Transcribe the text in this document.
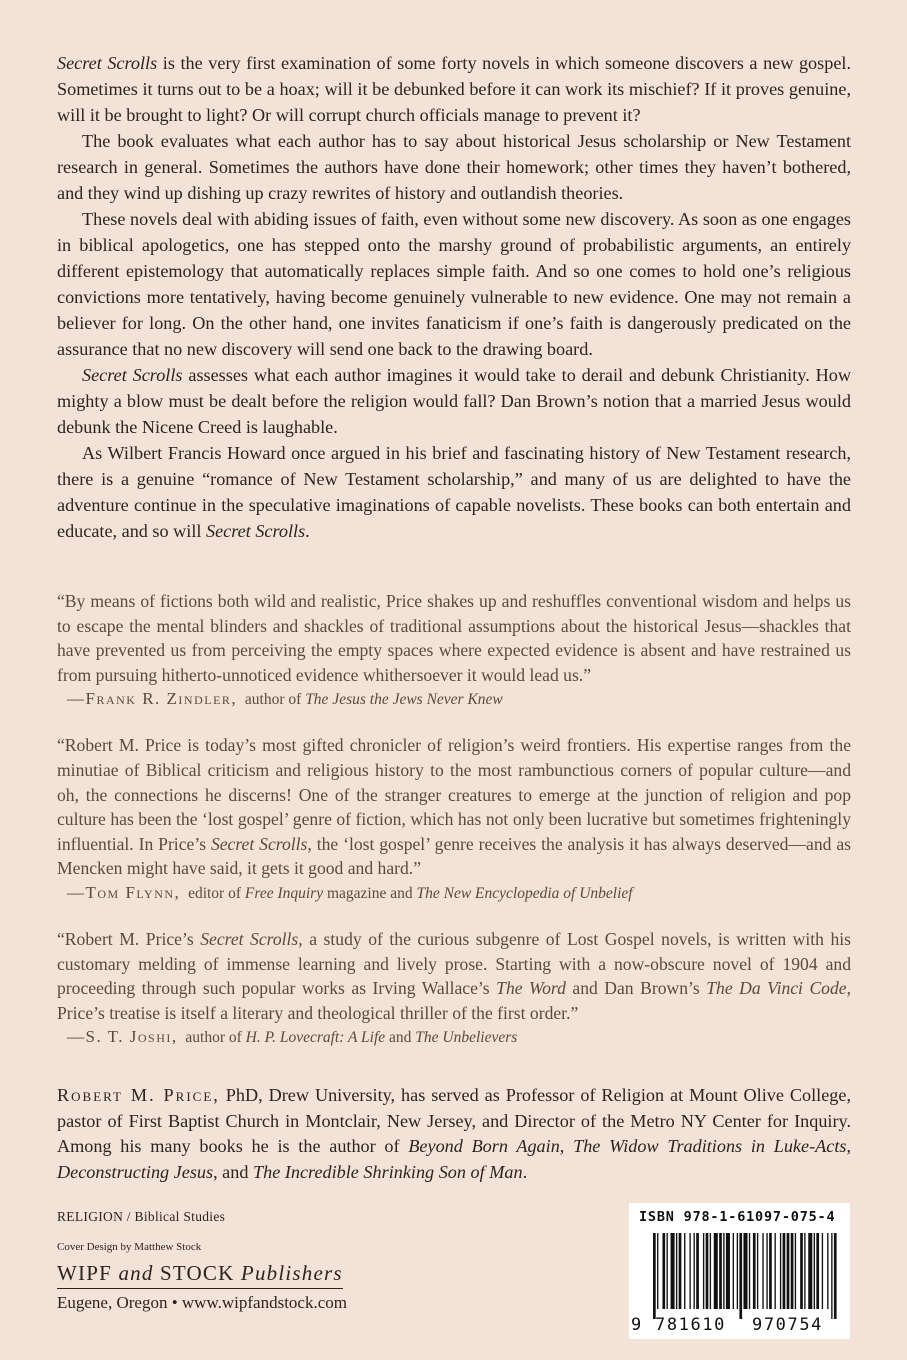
Secret Scrolls is the very first examination of some forty novels in which someone discovers a new gospel. Sometimes it turns out to be a hoax; will it be debunked before it can work its mischief? If it proves genuine, will it be brought to light? Or will corrupt church officials manage to prevent it?

The book evaluates what each author has to say about historical Jesus scholarship or New Testament research in general. Sometimes the authors have done their homework; other times they haven’t bothered, and they wind up dishing up crazy rewrites of history and outlandish theories.

These novels deal with abiding issues of faith, even without some new discovery. As soon as one engages in biblical apologetics, one has stepped onto the marshy ground of probabilistic arguments, an entirely different epistemology that automatically replaces simple faith. And so one comes to hold one’s religious convictions more tentatively, having become genuinely vulnerable to new evidence. One may not remain a believer for long. On the other hand, one invites fanaticism if one’s faith is dangerously predicated on the assurance that no new discovery will send one back to the drawing board.

Secret Scrolls assesses what each author imagines it would take to derail and debunk Christianity. How mighty a blow must be dealt before the religion would fall? Dan Brown’s notion that a married Jesus would debunk the Nicene Creed is laughable.

As Wilbert Francis Howard once argued in his brief and fascinating history of New Testament research, there is a genuine “romance of New Testament scholarship,” and many of us are delighted to have the adventure continue in the speculative imaginations of capable novelists. These books can both entertain and educate, and so will Secret Scrolls.

“By means of fictions both wild and realistic, Price shakes up and reshuffles conventional wisdom and helps us to escape the mental blinders and shackles of traditional assumptions about the historical Jesus—shackles that have prevented us from perceiving the empty spaces where expected evidence is absent and have restrained us from pursuing hitherto-unnoticed evidence whithersoever it would lead us.”

—Frank R. Zindler, author of The Jesus the Jews Never Knew

“Robert M. Price is today’s most gifted chronicler of religion’s weird frontiers. His expertise ranges from the minutiae of Biblical criticism and religious history to the most rambunctious corners of popular culture—and oh, the connections he discerns! One of the stranger creatures to emerge at the junction of religion and pop culture has been the ‘lost gospel’ genre of fiction, which has not only been lucrative but sometimes frighteningly influential. In Price’s Secret Scrolls, the ‘lost gospel’ genre receives the analysis it has always deserved—and as Mencken might have said, it gets it good and hard.”

—Tom Flynn, editor of Free Inquiry magazine and The New Encyclopedia of Unbelief

“Robert M. Price’s Secret Scrolls, a study of the curious subgenre of Lost Gospel novels, is written with his customary melding of immense learning and lively prose. Starting with a now-obscure novel of 1904 and proceeding through such popular works as Irving Wallace’s The Word and Dan Brown’s The Da Vinci Code, Price’s treatise is itself a literary and theological thriller of the first order.”

—S. T. Joshi, author of H. P. Lovecraft: A Life and The Unbelievers

Robert M. Price, PhD, Drew University, has served as Professor of Religion at Mount Olive College, pastor of First Baptist Church in Montclair, New Jersey, and Director of the Metro NY Center for Inquiry. Among his many books he is the author of Beyond Born Again, The Widow Traditions in Luke-Acts, Deconstructing Jesus, and The Incredible Shrinking Son of Man.

RELIGION / Biblical Studies
Cover Design by Matthew Stock
WIPF and STOCK Publishers
Eugene, Oregon • www.wipfandstock.com
ISBN 978-1-61097-075-4
9 781610 970754
